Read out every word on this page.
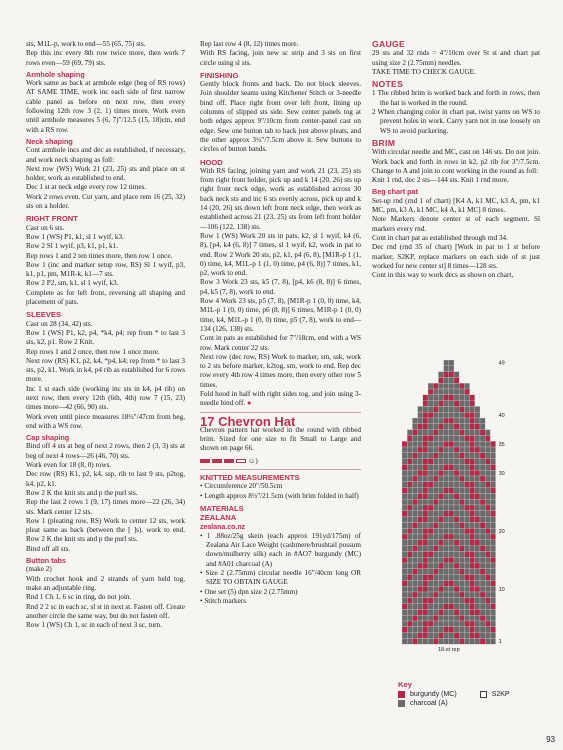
sts, M1L-p, work to end—55 (65, 75) sts.
Rep this inc every 8th row twice more, then work 7 rows even—59 (69, 79) sts.

Armhole shaping

Work same as back at armhole edge (beg of RS rows) AT SAME TIME, work inc each side of first narrow cable panel as before on next row, then every following 12th row 3 (2, 1) times more. Work even until armhole measures 5 (6, 7)"/12.5 (15, 18)cm, end with a RS row.

Neck shaping

Cont armhole incs and dec as established, if necessary, and work neck shaping as foll:
Next row (WS) Work 21 (23, 25) sts and place on st holder, work as established to end.
Dec 1 st at neck edge every row 12 times.
Work 2 rows even. Cut yarn, and place rem 16 (25, 32) sts on a holder.

RIGHT FRONT

Cast on 6 sts.
Row 1 (WS) P1, k1, sl 1 wyif, k3.
Row 2 Sl 1 wyif, p3, k1, p1, k1.
Rep rows 1 and 2 ten times more, then row 1 once.
Row 1 (inc and marker setup row, RS) Sl 1 wyif, p3, k1, p1, pm, M1R-k, k1—7 sts.
Row 2 P2, sm, k1, sl 1 wyif, k3.
Complete as for left front, reversing all shaping and placement of pats.

SLEEVES

Cast on 28 (34, 42) sts.
Row 1 (WS) P1, k2, p4, *k4, p4; rep from * to last 3 sts, k2, p1. Row 2 Knit.
Rep rows 1 and 2 once, then row 1 once more.
Next row (RS) K1, p2, k4, *p4, k4; rep from * to last 3 sts, p2, k1. Work in k4, p4 rib as established for 6 rows more.
Inc 1 st each side (working inc sts in k4, p4 rib) on next row, then every 12th (6th, 4th) row 7 (15, 23) times more—42 (66, 90) sts.
Work even until piece measures 18½"/47cm from beg, end with a WS row.

Cap shaping

Bind off 4 sts at beg of next 2 rows, then 2 (3, 3) sts at beg of next 4 rows—26 (46, 70) sts.
Work even for 18 (8, 0) rows.
Dec row (RS) K1, p2, k4, ssp, rib to last 9 sts, p2tog, k4, p2, k1.
Row 2 K the knit sts and p the purl sts.
Rep the last 2 rows 1 (9, 17) times more—22 (26, 34) sts. Mark center 12 sts.
Row 1 (pleating row, RS) Work to center 12 sts, work pleat same as back (between the [ ]s), work to end. Row 2 K the knit sts and p the purl sts.
Bind off all sts.

Button tabs

(make 2)
With crochet hook and 2 strands of yarn held tog, make an adjustable ring.
Rnd 1 Ch 1, 6 sc in ring, do not join.
Rnd 2 2 sc in each sc, sl st in next st. Fasten off. Create another circle the same way, but do not fasten off.
Row 1 (WS) Ch 1, sc in each of next 3 sc, turn.

Rep last row 4 (8, 12) times more.
With RS facing, join new sc strip and 3 sts on first circle using sl sts.

FINISHING

Gently block fronts and back. Do not block sleeves. Join shoulder seams using Kitchener Stitch or 3-needle bind off. Place right front over left front, lining up columns of slipped sts side. Sew center panels tog at both edges approx 9"/10cm from center-panel cast on edge. Sew one button tab to back just above pleats, and the other approx 3½"/7.5cm above it. Sew buttons to circles of button bands.

HOOD

With RS facing, joining yarn and work 21 (23, 25) sts from right front holder, pick up and k 14 (20, 26) sts up right front neck edge, work as established across 30 back neck sts and inc 6 sts evenly across, pick up and k 14 (20, 26) sts down left front neck edge, then work as established across 21 (23, 25) sts from left front holder—106 (122, 138) sts.
Row 1 (WS) Work 20 sts in pats, k2, sl 1 wyif, k4 (6, 8), [p4, k4 (6, 8)] 7 times, sl 1 wyif, k2, work in pat to end. Row 2 Work 20 sts, p2, k1, p4 (6, 8), [M1R-p 1 (1, 0) time, k4, M1L-p 1 (1, 0) time, p4 (6, 8)] 7 times, k1, p2, work to end.
Row 3 Work 23 sts, k5 (7, 8), [p4, k6 (8, 8)] 6 times, p4, k5 (7, 8), work to end.
Row 4 Work 23 sts, p5 (7, 8), [M1R-p 1 (0, 0) time, k4, M1L-p 1 (0, 0) time, p6 (8, 8)] 6 times, M1R-p 1 (0, 0) time, k4, M1L-p 1 (0, 0) time, p5 (7, 8), work to end—134 (126, 138) sts.
Cont in pats as established for 7"/18cm, end with a WS row. Mark center 22 sts.
Next row (dec row, RS) Work to marker, sm, ssk, work to 2 sts before marker, k2tog, sm, work to end. Rep dec row every 4th row 4 times more, then every other row 5 times.
Fold hood in half with right sides tog, and join using 3-needle bind off. ●

17 Chevron Hat

Chevron pattern hat worked in the round with ribbed brim. Sized for one size to fit Small to Large and shown on page 66.

☺)
KNITTED MEASUREMENTS

• Circumference 20"/50.5cm

• Length approx 8½"/21.5cm (with brim folded in half)

MATERIALS
ZEALANA
zealana.co.nz

• 1 .88oz/25g skein (each approx 191yd/175m) of Zealana Air Lace Weight (cashmere/brushtail possum down/mulberry silk) each in #AO7 burgundy (MC) and #A01 charcoal (A)

• Size 2 (2.75mm) circular needle 16"/40cm long OR SIZE TO OBTAIN GAUGE

• One set (5) dpn size 2 (2.75mm)

• Stitch markers

GAUGE

29 sts and 32 rnds = 4"/10cm over St st and chart pat using size 2 (2.75mm) needles.
TAKE TIME TO CHECK GAUGE.

NOTES

1 The ribbed brim is worked back and forth in rows, then the hat is worked in the round.

2 When changing color in chart pat, twist yarns on WS to prevent holes in work. Carry yarn not in use loosely on WS to avoid puckering.

BRIM

With circular needle and MC, cast on 146 sts. Do not join. Work back and forth in rows in k2, p2 rib for 3"/7.5cm. Change to A and join to cont working in the round as foll:
Knit 1 rnd, dec 2 sts—144 sts. Knit 1 rnd more.

Beg chart pat

Set-up rnd (rnd 1 of chart) [K4 A, k1 MC, k3 A, pm, k1 MC, pm, k3 A, k1 MC, k4 A, k1 MC] 8 times.
Note Markers denote center st of each segment. Sl markers every rnd.
Cont in chart pat as established through rnd 34.
Dec rnd (rnd 35 of chart) [Work in pat to 1 st before marker, S2KP, replace markers on each side of st just worked for new center st] 8 times—128 sts.
Cont in this way to work decs as shown on chart,

49
40
35
30
20
10
1
18-st rep
Key
burgundy (MC)	S2KP
charcoal (A)
93
